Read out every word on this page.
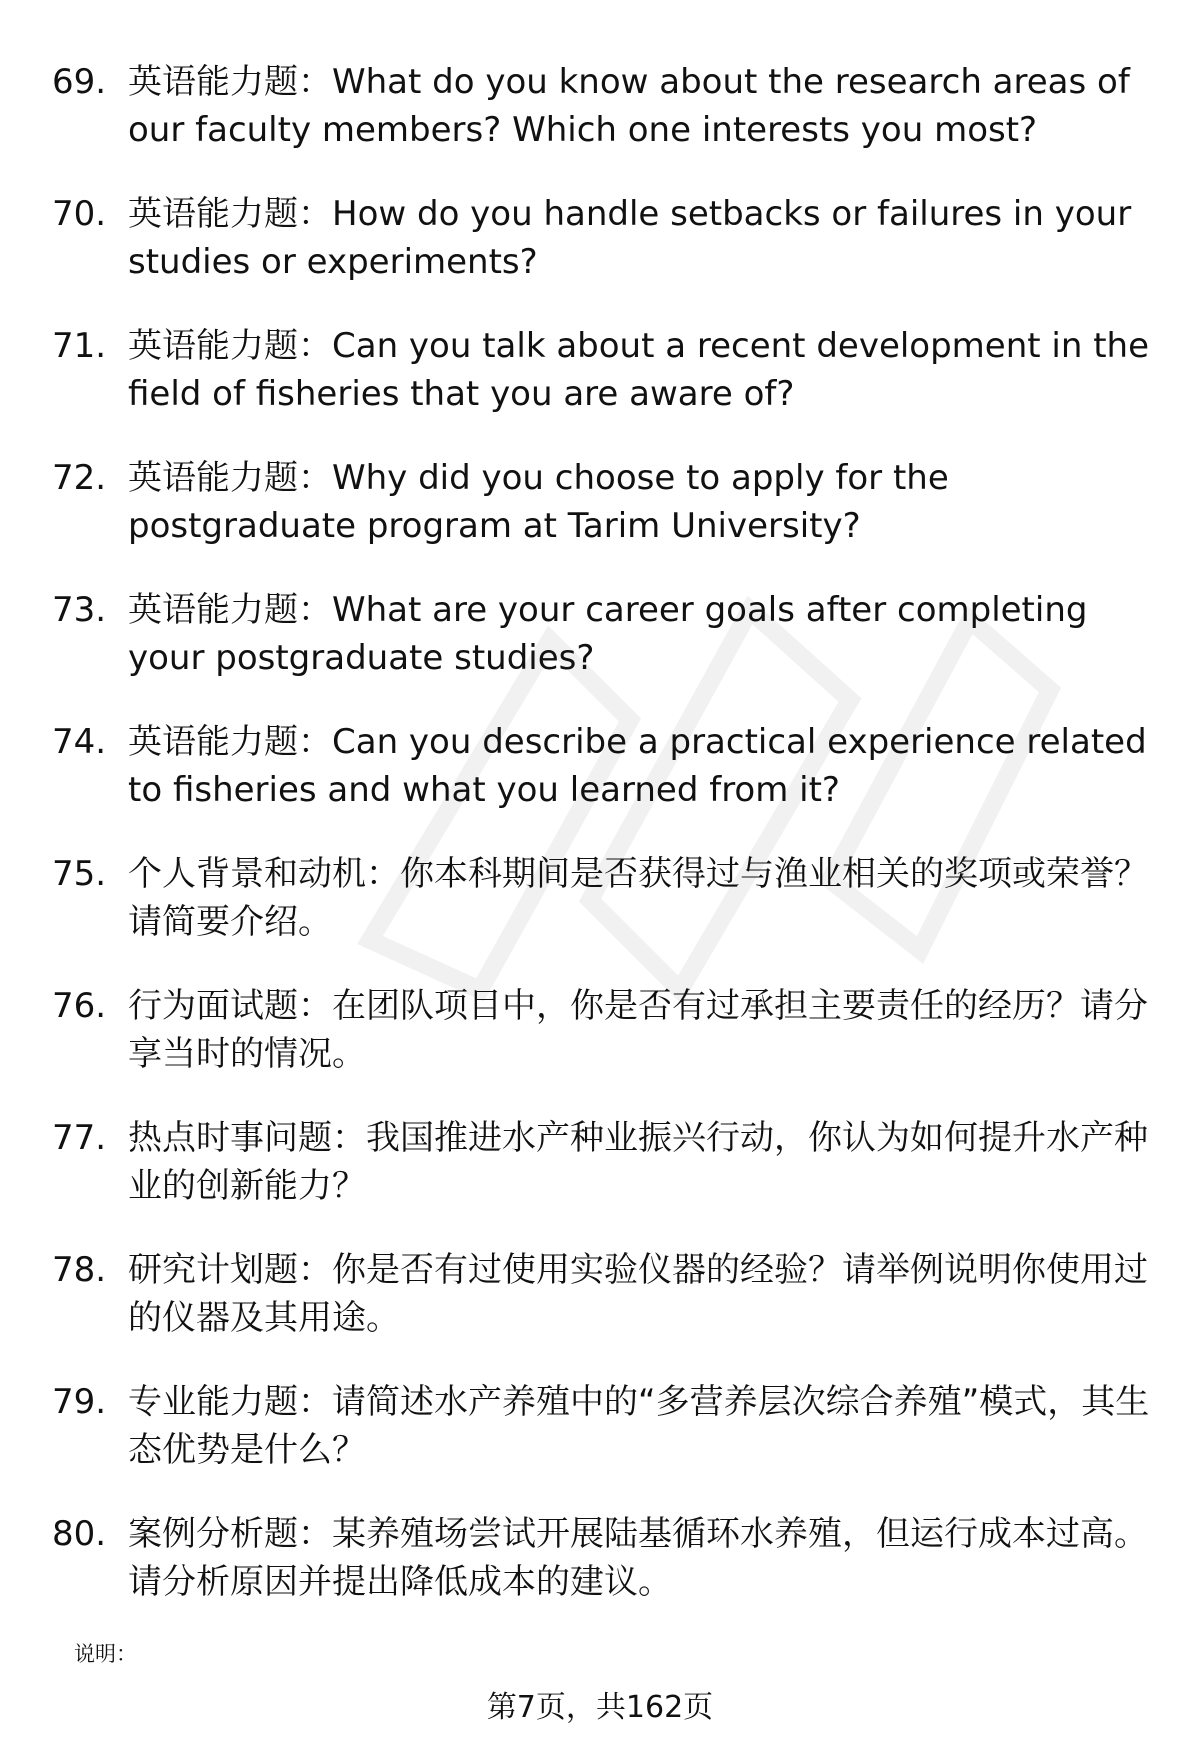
69. 英语能力题：What do you know about the research areas of our faculty members? Which one interests you most?
70. 英语能力题：How do you handle setbacks or failures in your studies or experiments?
71. 英语能力题：Can you talk about a recent development in the field of fisheries that you are aware of?
72. 英语能力题：Why did you choose to apply for the postgraduate program at Tarim University?
73. 英语能力题：What are your career goals after completing your postgraduate studies?
74. 英语能力题：Can you describe a practical experience related to fisheries and what you learned from it?
75. 个人背景和动机：你本科期间是否获得过与渔业相关的奖项或荣誉？请简要介绍。
76. 行为面试题：在团队项目中，你是否有过承担主要责任的经历？请分享当时的情况。
77. 热点时事问题：我国推进水产种业振兴行动，你认为如何提升水产种业的创新能力？
78. 研究计划题：你是否有过使用实验仪器的经验？请举例说明你使用过的仪器及其用途。
79. 专业能力题：请简述水产养殖中的“多营养层次综合养殖”模式，其生态优势是什么？
80. 案例分析题：某养殖场尝试开展陆基循环水养殖，但运行成本过高。请分析原因并提出降低成本的建议。
说明：
第7页，共162页
